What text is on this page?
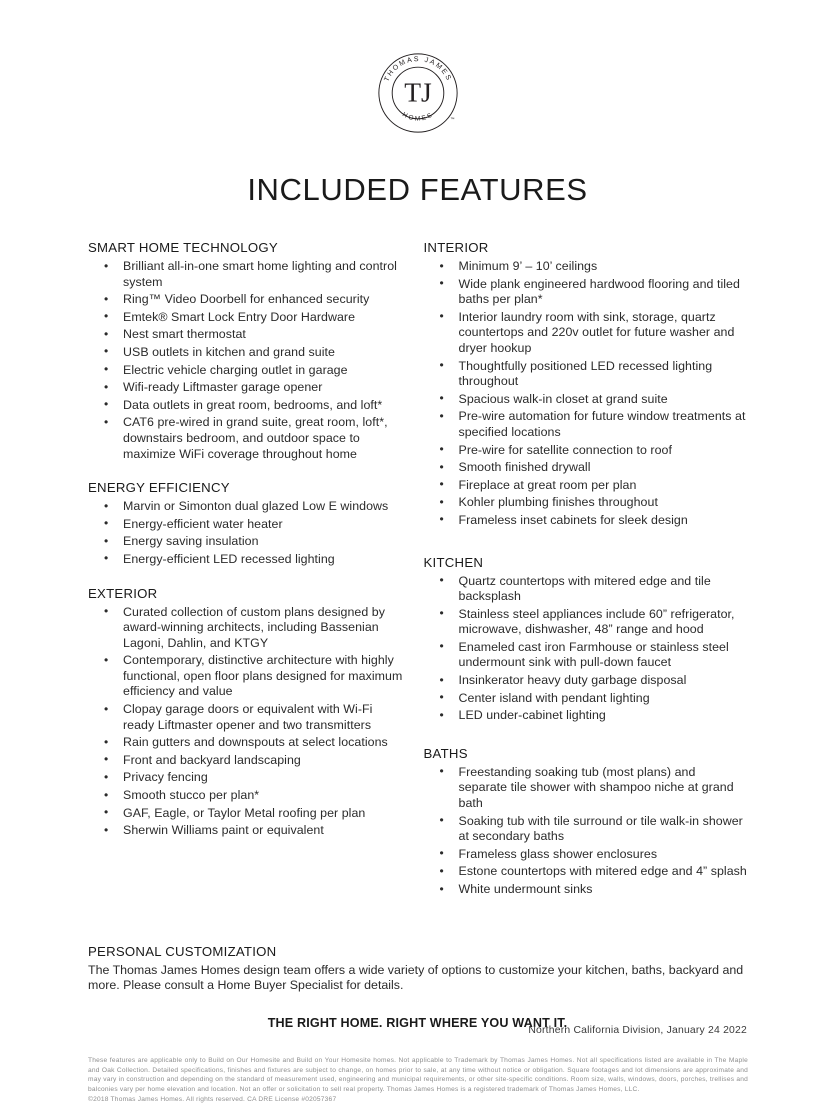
THOMAS JAMES
HOMES
TJ
™
INCLUDED FEATURES
SMART HOME TECHNOLOGY
• Brilliant all-in-one smart home lighting and control system
• Ring™ Video Doorbell for enhanced security
• Emtek® Smart Lock Entry Door Hardware
• Nest smart thermostat
• USB outlets in kitchen and grand suite
• Electric vehicle charging outlet in garage
• Wifi-ready Liftmaster garage opener
• Data outlets in great room, bedrooms, and loft*
• CAT6 pre-wired in grand suite, great room, loft*, downstairs bedroom, and outdoor space to maximize WiFi coverage throughout home
ENERGY EFFICIENCY
• Marvin or Simonton dual glazed Low E windows
• Energy-efficient water heater
• Energy saving insulation
• Energy-efficient LED recessed lighting
EXTERIOR
• Curated collection of custom plans designed by award-winning architects, including Bassenian Lagoni, Dahlin, and KTGY
• Contemporary, distinctive architecture with highly functional, open floor plans designed for maximum efficiency and value
• Clopay garage doors or equivalent with Wi-Fi ready Liftmaster opener and two transmitters
• Rain gutters and downspouts at select locations
• Front and backyard landscaping
• Privacy fencing
• Smooth stucco per plan*
• GAF, Eagle, or Taylor Metal roofing per plan
• Sherwin Williams paint or equivalent
INTERIOR
• Minimum 9’ – 10’ ceilings
• Wide plank engineered hardwood flooring and tiled baths per plan*
• Interior laundry room with sink, storage, quartz countertops and 220v outlet for future washer and dryer hookup
• Thoughtfully positioned LED recessed lighting throughout
• Spacious walk-in closet at grand suite
• Pre-wire automation for future window treatments at specified locations
• Pre-wire for satellite connection to roof
• Smooth finished drywall
• Fireplace at great room per plan
• Kohler plumbing finishes throughout
• Frameless inset cabinets for sleek design
KITCHEN
• Quartz countertops with mitered edge and tile backsplash
• Stainless steel appliances include 60” refrigerator, microwave, dishwasher, 48” range and hood
• Enameled cast iron Farmhouse or stainless steel undermount sink with pull-down faucet
• Insinkerator heavy duty garbage disposal
• Center island with pendant lighting
• LED under-cabinet lighting
BATHS
• Freestanding soaking tub (most plans) and separate tile shower with shampoo niche at grand bath
• Soaking tub with tile surround or tile walk-in shower at secondary baths
• Frameless glass shower enclosures
• Estone countertops with mitered edge and 4” splash
• White undermount sinks
PERSONAL CUSTOMIZATION

The Thomas James Homes design team offers a wide variety of options to customize your kitchen, baths, backyard and more. Please consult a Home Buyer Specialist for details.

THE RIGHT HOME. RIGHT WHERE YOU WANT IT.
These features are applicable only to Build on Our Homesite and Build on Your Homesite homes. Not applicable to Trademark by Thomas James Homes. Not all specifications listed are available in The Maple and Oak Collection. Detailed specifications, finishes and fixtures are subject to change, on homes prior to sale, at any time without notice or obligation. Square footages and lot dimensions are approximate and may vary in construction and depending on the standard of measurement used, engineering and municipal requirements, or other site-specific conditions. Room size, walls, windows, doors, porches, trellises and balconies vary per home elevation and location. Not an offer or solicitation to sell real property. Thomas James Homes is a registered trademark of Thomas James Homes, LLC.
©2018 Thomas James Homes. All rights reserved. CA DRE License #02057367
Northern California Division, January 24 2022
